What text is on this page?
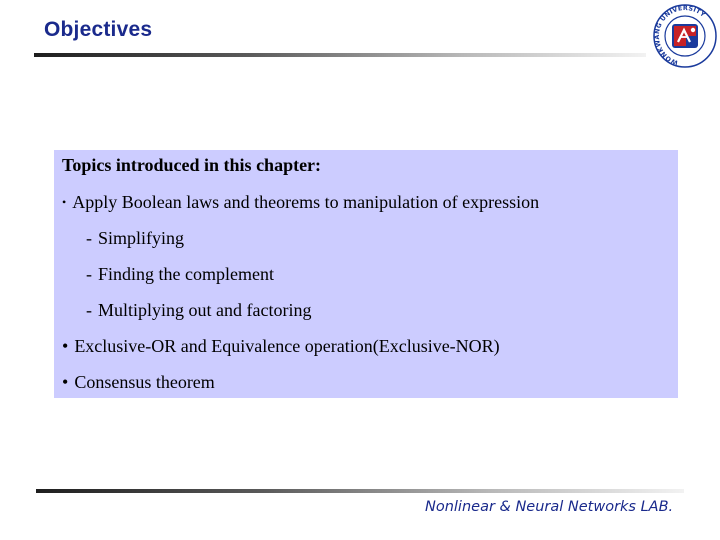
Objectives
WONKWANG UNIVERSITY
Topics introduced in this chapter:
• Apply Boolean laws and theorems to manipulation of expression
- Simplifying
- Finding the complement
- Multiplying out and factoring
• Exclusive-OR and Equivalence operation(Exclusive-NOR)
• Consensus theorem
Nonlinear & Neural Networks LAB.
